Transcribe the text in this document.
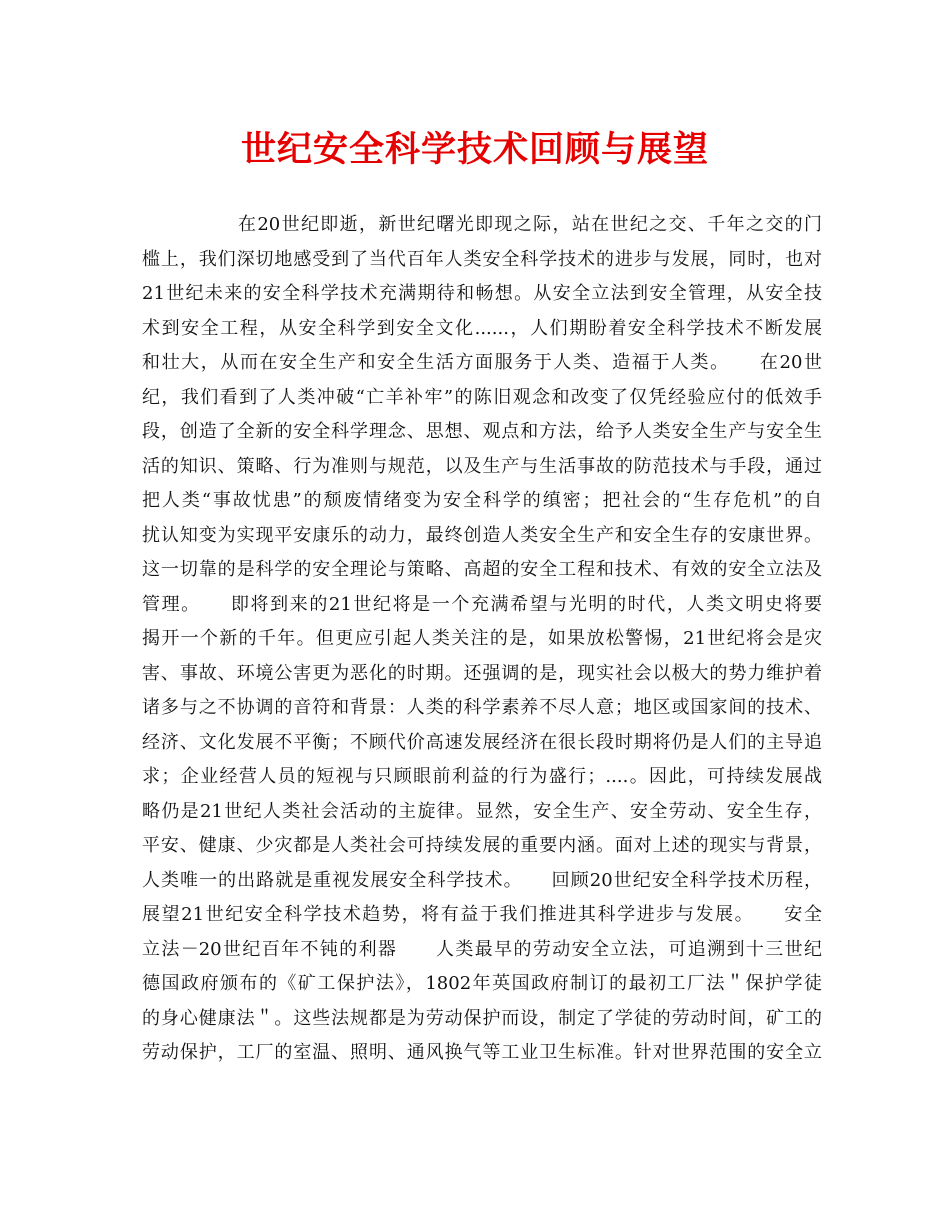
世纪安全科学技术回顾与展望
在20世纪即逝，新世纪曙光即现之际，站在世纪之交、千年之交的门
槛上，我们深切地感受到了当代百年人类安全科学技术的进步与发展，同时，也对
21世纪未来的安全科学技术充满期待和畅想。从安全立法到安全管理，从安全技
术到安全工程，从安全科学到安全文化......，人们期盼着安全科学技术不断发展
和壮大，从而在安全生产和安全生活方面服务于人类、造福于人类。　　在20世
纪，我们看到了人类冲破“亡羊补牢”的陈旧观念和改变了仅凭经验应付的低效手
段，创造了全新的安全科学理念、思想、观点和方法，给予人类安全生产与安全生
活的知识、策略、行为准则与规范，以及生产与生活事故的防范技术与手段，通过
把人类“事故忧患”的颓废情绪变为安全科学的缜密；把社会的“生存危机”的自
扰认知变为实现平安康乐的动力，最终创造人类安全生产和安全生存的安康世界。
这一切靠的是科学的安全理论与策略、高超的安全工程和技术、有效的安全立法及
管理。　　即将到来的21世纪将是一个充满希望与光明的时代，人类文明史将要
揭开一个新的千年。但更应引起人类关注的是，如果放松警惕，21世纪将会是灾
害、事故、环境公害更为恶化的时期。还强调的是，现实社会以极大的势力维护着
诸多与之不协调的音符和背景：人类的科学素养不尽人意；地区或国家间的技术、
经济、文化发展不平衡；不顾代价高速发展经济在很长段时期将仍是人们的主导追
求；企业经营人员的短视与只顾眼前利益的行为盛行；....。因此，可持续发展战
略仍是21世纪人类社会活动的主旋律。显然，安全生产、安全劳动、安全生存，
平安、健康、少灾都是人类社会可持续发展的重要内涵。面对上述的现实与背景，
人类唯一的出路就是重视发展安全科学技术。　　回顾20世纪安全科学技术历程，
展望21世纪安全科学技术趋势，将有益于我们推进其科学进步与发展。　　安全
立法－20世纪百年不钝的利器　　人类最早的劳动安全立法，可追溯到十三世纪
德国政府颁布的《矿工保护法》，1802年英国政府制订的最初工厂法＂保护学徒
的身心健康法＂。这些法规都是为劳动保护而设，制定了学徒的劳动时间，矿工的
劳动保护，工厂的室温、照明、通风换气等工业卫生标准。针对世界范围的安全立
